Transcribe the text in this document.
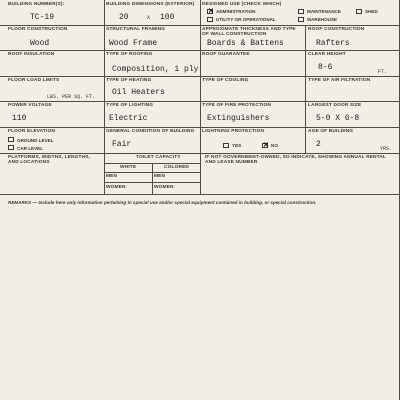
BUILDING NUMBER(S):
TC-19
BUILDING DIMENSIONS (EXTERIOR)
20	X 100
DESIGNED USE (CHECK WHICH)
✕
ADMINISTRATION	MAINTENANCE	SHED
UTILITY OR OPERATIONAL	WAREHOUSE
FLOOR CONSTRUCTION
Wood
STRUCTURAL FRAMING
Wood Frame
APPROXIMATE THICKNESS AND TYPE OF WALL CONSTRUCTION
Boards & Battens
ROOF CONSTRUCTION
Rafters
ROOF INSULATION	TYPE OF ROOFING
Composition, 1 ply
ROOF GUARANTEE	CLEAR HEIGHT
8-6	FT.
FLOOR LOAD LIMITS
LBS. PER SQ. FT.
TYPE OF HEATING
Oil Heaters
TYPE OF COOLING	TYPE OF AIR FILTRATION
POWER VOLTAGE
110
TYPE OF LIGHTING
Electric
TYPE OF FIRE PROTECTION
Extinguishers
LARGEST DOOR SIZE
5-0 X 6-8
FLOOR ELEVATION
GROUND LEVEL
CAR LEVEL
GENERAL CONDITION OF BUILDING
Fair
LIGHTNING PROTECTION
YES
✕	NO
AGE OF BUILDING
2	YRS.
PLATFORMS, WIDTHS, LENGTHS, AND LOCATIONS
TOILET CAPACITY
WHITE	COLORED
MEN	MEN
WOMEN	WOMEN
IF NOT GOVERNMENT-OWNED, SO INDICATE, SHOWING ANNUAL RENTAL AND LEASE NUMBER
REMARKS — Include here only information pertaining to special use and/or special equipment contained in building, or special construction.
